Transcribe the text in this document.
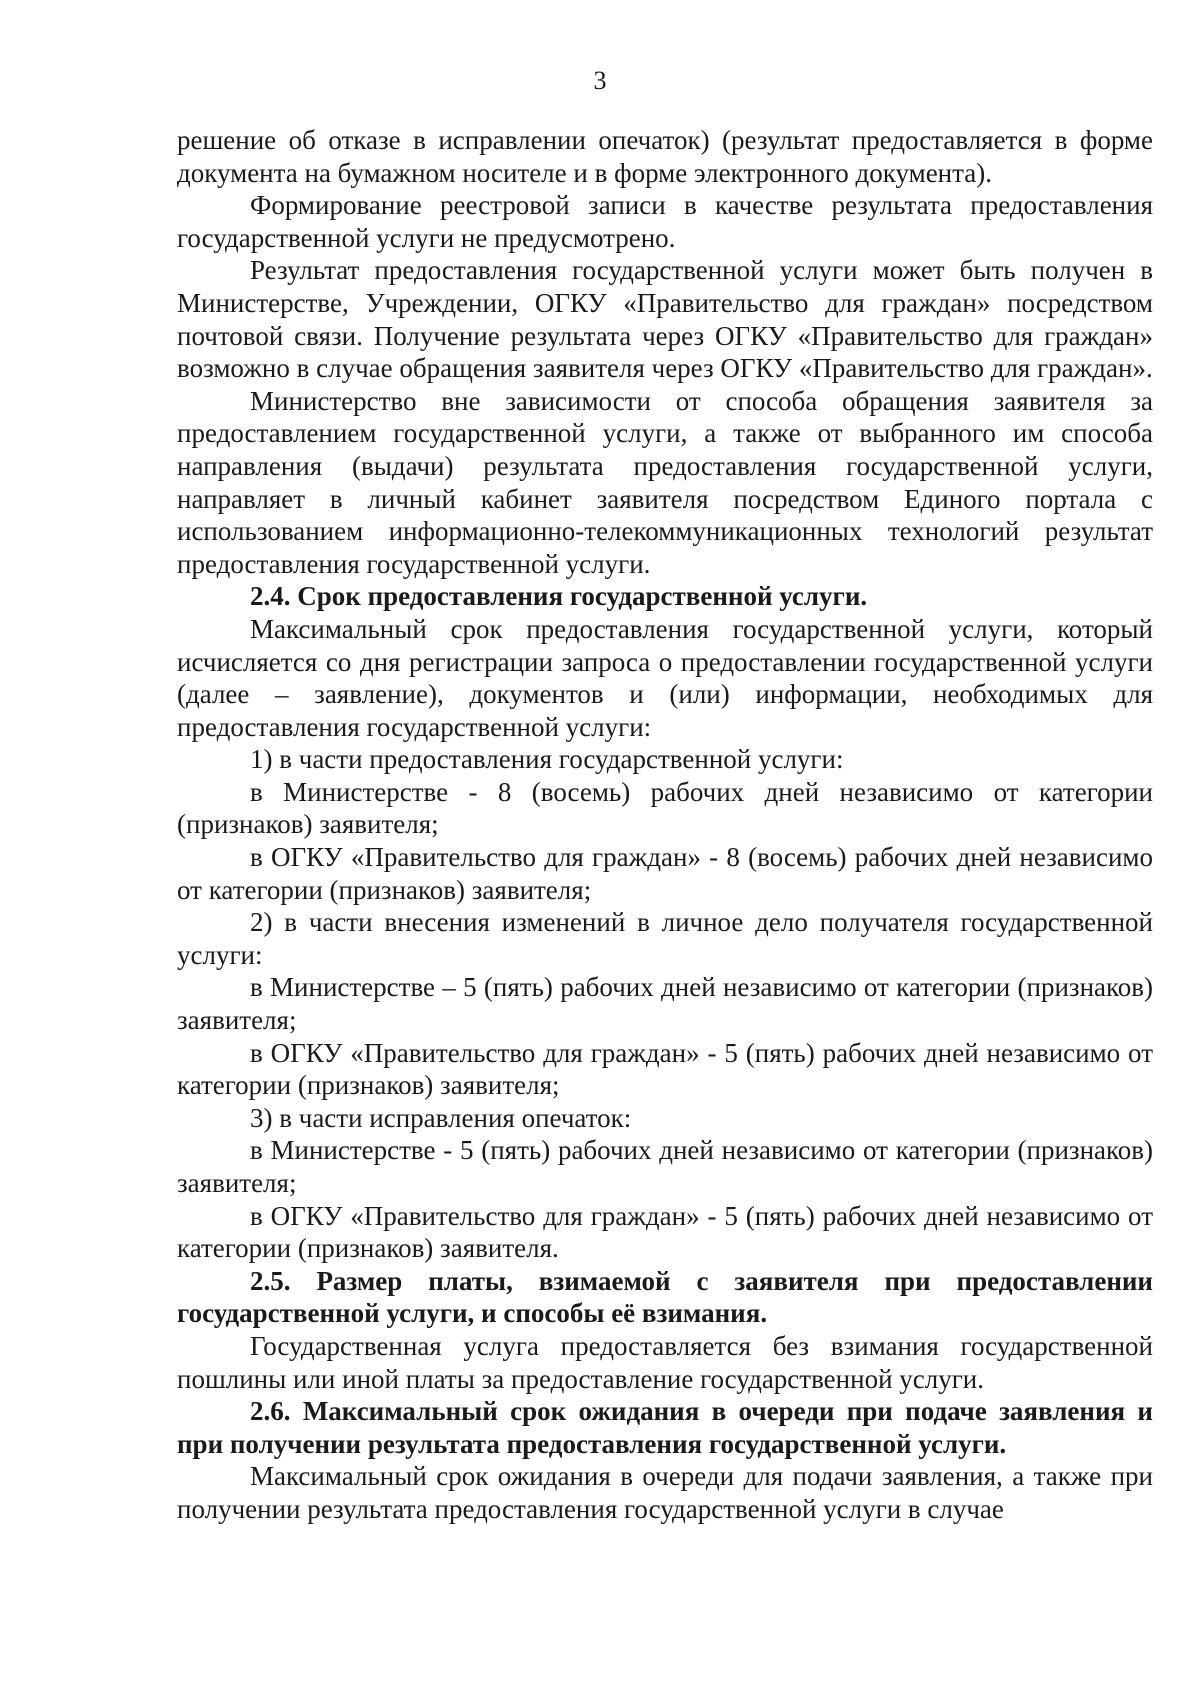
3

решение об отказе в исправлении опечаток) (результат предоставляется в форме документа на бумажном носителе и в форме электронного документа).

Формирование реестровой записи в качестве результата предоставления государственной услуги не предусмотрено.

Результат предоставления государственной услуги может быть получен в Министерстве, Учреждении, ОГКУ «Правительство для граждан» посредством почтовой связи. Получение результата через ОГКУ «Правительство для граждан» возможно в случае обращения заявителя через ОГКУ «Правительство для граждан».

Министерство вне зависимости от способа обращения заявителя за предоставлением государственной услуги, а также от выбранного им способа направления (выдачи) результата предоставления государственной услуги, направляет в личный кабинет заявителя посредством Единого портала с использованием информационно-телекоммуникационных технологий результат предоставления государственной услуги.

2.4. Срок предоставления государственной услуги.

Максимальный срок предоставления государственной услуги, который исчисляется со дня регистрации запроса о предоставлении государственной услуги (далее – заявление), документов и (или) информации, необходимых для предоставления государственной услуги:

1) в части предоставления государственной услуги:

в Министерстве - 8 (восемь) рабочих дней независимо от категории (признаков) заявителя;

в ОГКУ «Правительство для граждан» - 8 (восемь) рабочих дней независимо от категории (признаков) заявителя;

2) в части внесения изменений в личное дело получателя государственной услуги:

в Министерстве – 5 (пять) рабочих дней независимо от категории (признаков) заявителя;

в ОГКУ «Правительство для граждан» - 5 (пять) рабочих дней независимо от категории (признаков) заявителя;

3) в части исправления опечаток:

в Министерстве - 5 (пять) рабочих дней независимо от категории (признаков) заявителя;

в ОГКУ «Правительство для граждан» - 5 (пять) рабочих дней независимо от категории (признаков) заявителя.

2.5. Размер платы, взимаемой с заявителя при предоставлении государственной услуги, и способы её взимания.

Государственная услуга предоставляется без взимания государственной пошлины или иной платы за предоставление государственной услуги.

2.6. Максимальный срок ожидания в очереди при подаче заявления и при получении результата предоставления государственной услуги.

Максимальный срок ожидания в очереди для подачи заявления, а также при получении результата предоставления государственной услуги в случае
